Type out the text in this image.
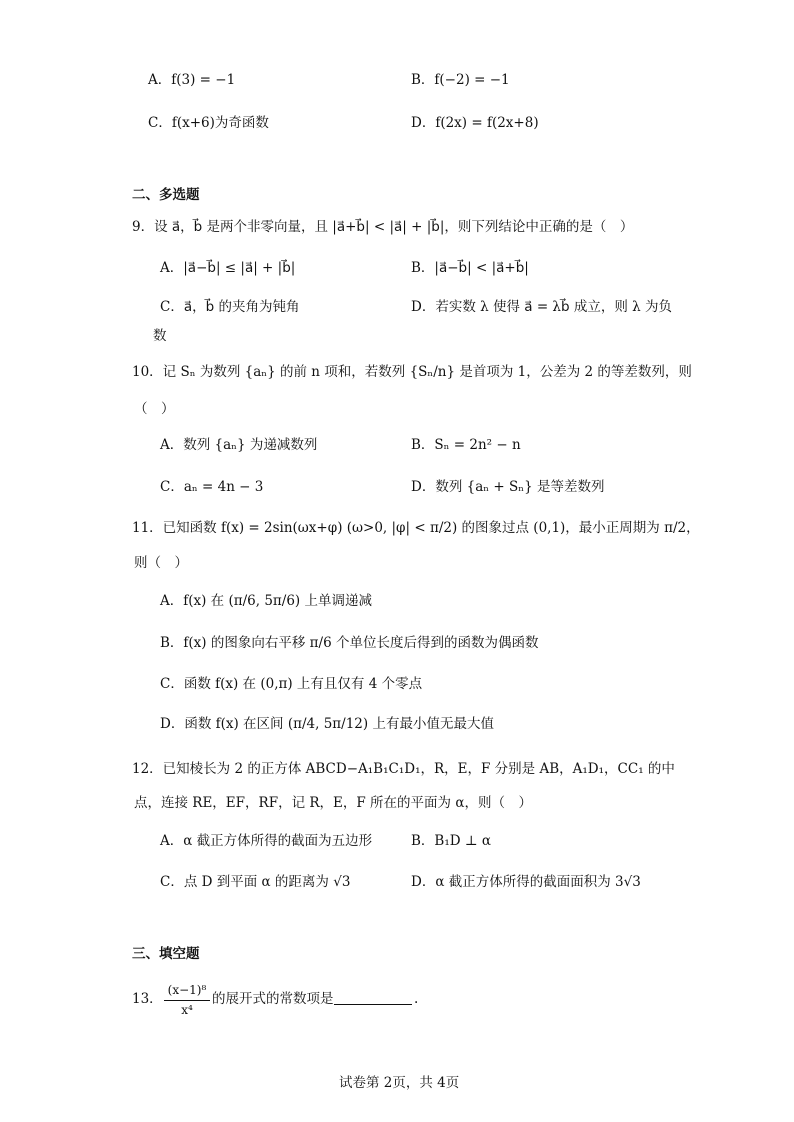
A．f(3) = −1	B．f(−2) = −1
C．f(x+6)为奇函数	D．f(2x) = f(2x+8)
二、多选题
9．设 a⃗，b⃗ 是两个非零向量，且 |a⃗+b⃗| < |a⃗| + |b⃗|，则下列结论中正确的是（　）
A．|a⃗−b⃗| ≤ |a⃗| + |b⃗|	B．|a⃗−b⃗| < |a⃗+b⃗|
C．a⃗，b⃗ 的夹角为钝角	D．若实数 λ 使得 a⃗ = λb⃗ 成立，则 λ 为负
数
10．记 Sₙ 为数列 {aₙ} 的前 n 项和，若数列 {Sₙ/n} 是首项为 1，公差为 2 的等差数列，则
（　）
A．数列 {aₙ} 为递减数列	B．Sₙ = 2n² − n
C．aₙ = 4n − 3	D．数列 {aₙ + Sₙ} 是等差数列
11．已知函数 f(x) = 2sin(ωx+φ) (ω>0, |φ| < π/2) 的图象过点 (0,1)，最小正周期为 π/2，
则（　）
A．f(x) 在 (π/6, 5π/6) 上单调递减
B．f(x) 的图象向右平移 π/6 个单位长度后得到的函数为偶函数
C．函数 f(x) 在 (0,π) 上有且仅有 4 个零点
D．函数 f(x) 在区间 (π/4, 5π/12) 上有最小值无最大值
12．已知棱长为 2 的正方体 ABCD−A₁B₁C₁D₁，R，E，F 分别是 AB，A₁D₁，CC₁ 的中
点，连接 RE，EF，RF，记 R，E，F 所在的平面为 α，则（　）
A．α 截正方体所得的截面为五边形	B．B₁D ⊥ α
C．点 D 到平面 α 的距离为 √3	D．α 截正方体所得的截面面积为 3√3
三、填空题
13．
(x−1)⁸
x⁴
的展开式的常数项是	.
试卷第 2页，共 4页
